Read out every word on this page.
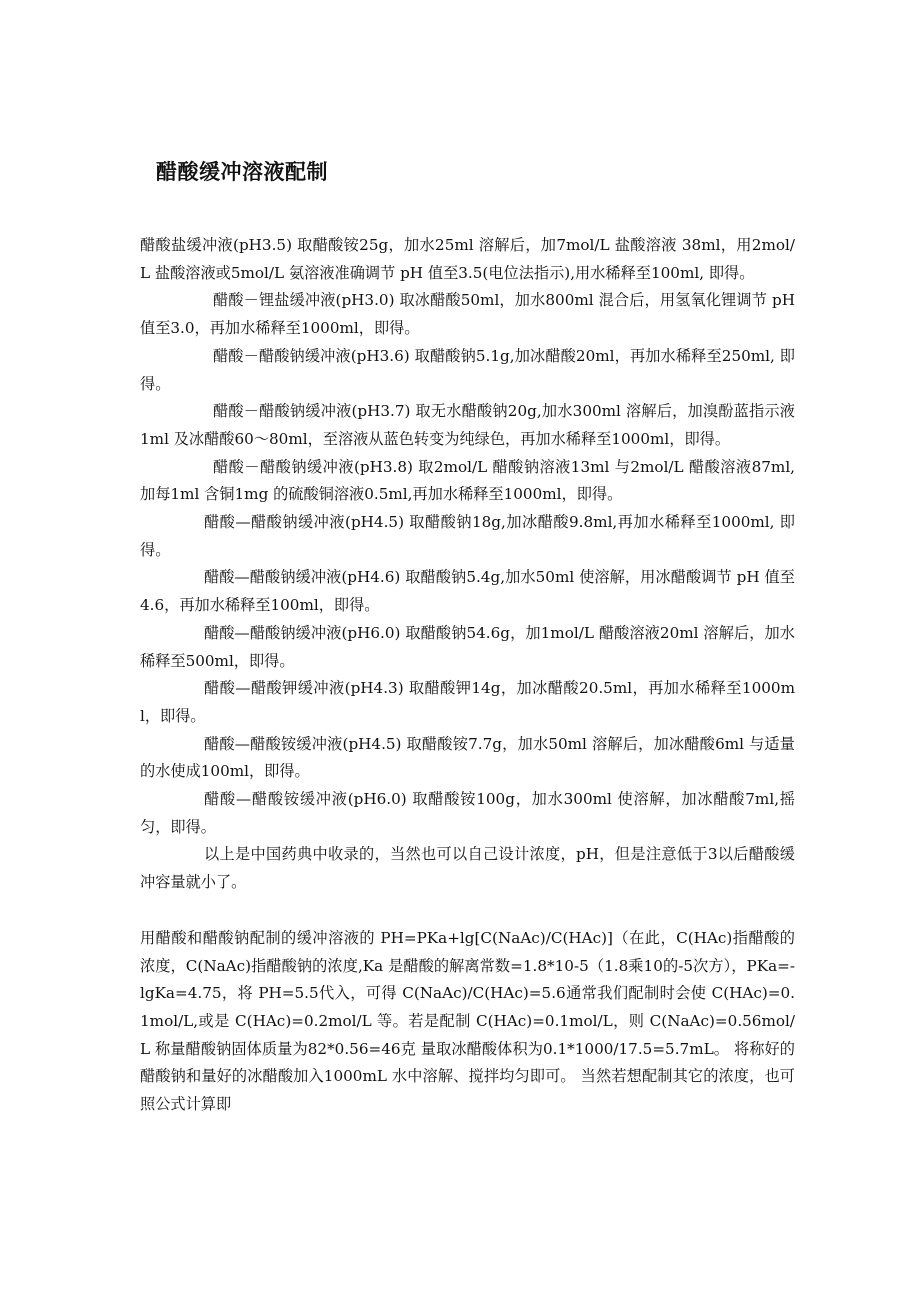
醋酸缓冲溶液配制

醋酸盐缓冲液(pH3.5) 取醋酸铵25g，加水25ml 溶解后，加7mol/L 盐酸溶液 38ml，用2mol/L 盐酸溶液或5mol/L 氨溶液准确调节 pH 值至3.5(电位法指示),用水稀释至100ml, 即得。

醋酸－锂盐缓冲液(pH3.0) 取冰醋酸50ml，加水800ml 混合后，用氢氧化锂调节 pH 值至3.0，再加水稀释至1000ml，即得。

醋酸－醋酸钠缓冲液(pH3.6) 取醋酸钠5.1g,加冰醋酸20ml，再加水稀释至250ml, 即得。

醋酸－醋酸钠缓冲液(pH3.7) 取无水醋酸钠20g,加水300ml 溶解后，加溴酚蓝指示液1ml 及冰醋酸60～80ml，至溶液从蓝色转变为纯绿色，再加水稀释至1000ml，即得。

醋酸－醋酸钠缓冲液(pH3.8) 取2mol/L 醋酸钠溶液13ml 与2mol/L 醋酸溶液87ml,加每1ml 含铜1mg 的硫酸铜溶液0.5ml,再加水稀释至1000ml，即得。

醋酸—醋酸钠缓冲液(pH4.5) 取醋酸钠18g,加冰醋酸9.8ml,再加水稀释至1000ml, 即得。

醋酸—醋酸钠缓冲液(pH4.6) 取醋酸钠5.4g,加水50ml 使溶解，用冰醋酸调节 pH 值至4.6，再加水稀释至100ml，即得。

醋酸—醋酸钠缓冲液(pH6.0) 取醋酸钠54.6g，加1mol/L 醋酸溶液20ml 溶解后，加水稀释至500ml，即得。

醋酸—醋酸钾缓冲液(pH4.3) 取醋酸钾14g，加冰醋酸20.5ml，再加水稀释至1000ml，即得。

醋酸—醋酸铵缓冲液(pH4.5) 取醋酸铵7.7g，加水50ml 溶解后，加冰醋酸6ml 与适量的水使成100ml，即得。

醋酸—醋酸铵缓冲液(pH6.0) 取醋酸铵100g，加水300ml 使溶解，加冰醋酸7ml,摇匀，即得。

以上是中国药典中收录的，当然也可以自己设计浓度，pH，但是注意低于3以后醋酸缓冲容量就小了。

用醋酸和醋酸钠配制的缓冲溶液的 PH=PKa+lg[C(NaAc)/C(HAc)]（在此，C(HAc)指醋酸的浓度，C(NaAc)指醋酸钠的浓度,Ka 是醋酸的解离常数=1.8*10-5（1.8乘10的-5次方），PKa=-lgKa=4.75，将 PH=5.5代入，可得 C(NaAc)/C(HAc)=5.6通常我们配制时会使 C(HAc)=0.1mol/L,或是 C(HAc)=0.2mol/L 等。若是配制 C(HAc)=0.1mol/L，则 C(NaAc)=0.56mol/L 称量醋酸钠固体质量为82*0.56=46克 量取冰醋酸体积为0.1*1000/17.5=5.7mL。 将称好的醋酸钠和量好的冰醋酸加入1000mL 水中溶解、搅拌均匀即可。 当然若想配制其它的浓度，也可照公式计算即
